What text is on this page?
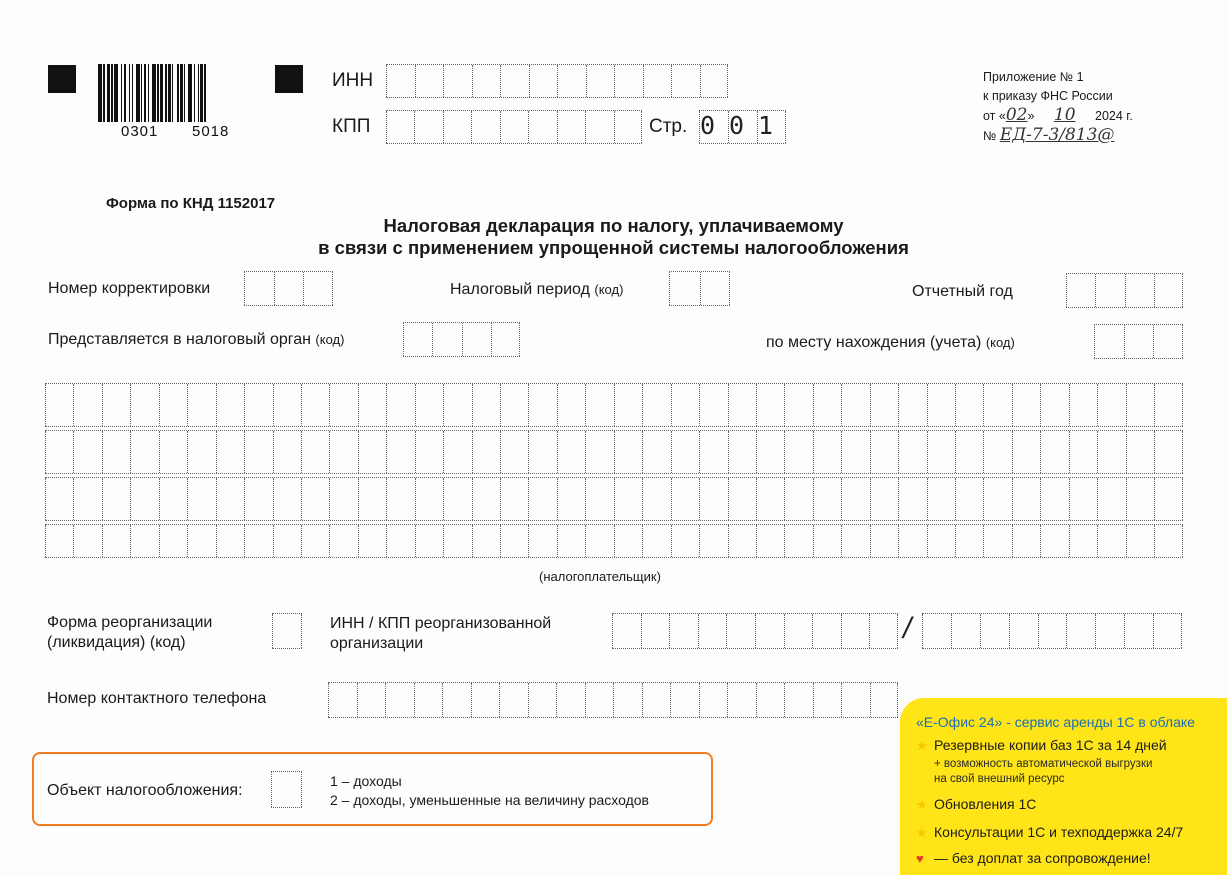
0301 5018
ИНН
КПП	Стр. 0 0 1
Приложение № 1
к приказу ФНС России
от «02» 10 2024 г.
№ ЕД-7-3/813@
Форма по КНД 1152017
Налоговая декларация по налогу, уплачиваемому
в связи с применением упрощенной системы налогообложения
Номер корректировки	Налоговый период (код)	Отчетный год
Представляется в налоговый орган (код)	по месту нахождения (учета) (код)
(налогоплательщик)
Форма реорганизации
(ликвидация) (код)
ИНН / КПП реорганизованной
организации	/
Номер контактного телефона
Объект налогообложения:
1 – доходы
2 – доходы, уменьшенные на величину расходов
«Е-Офис 24» - сервис аренды 1С в облаке
★ Резервные копии баз 1С за 14 дней
+ возможность автоматической выгрузки
на свой внешний ресурс
★ Обновления 1С
★ Консультации 1С и техподдержка 24/7
♥ — без доплат за сопровождение!
